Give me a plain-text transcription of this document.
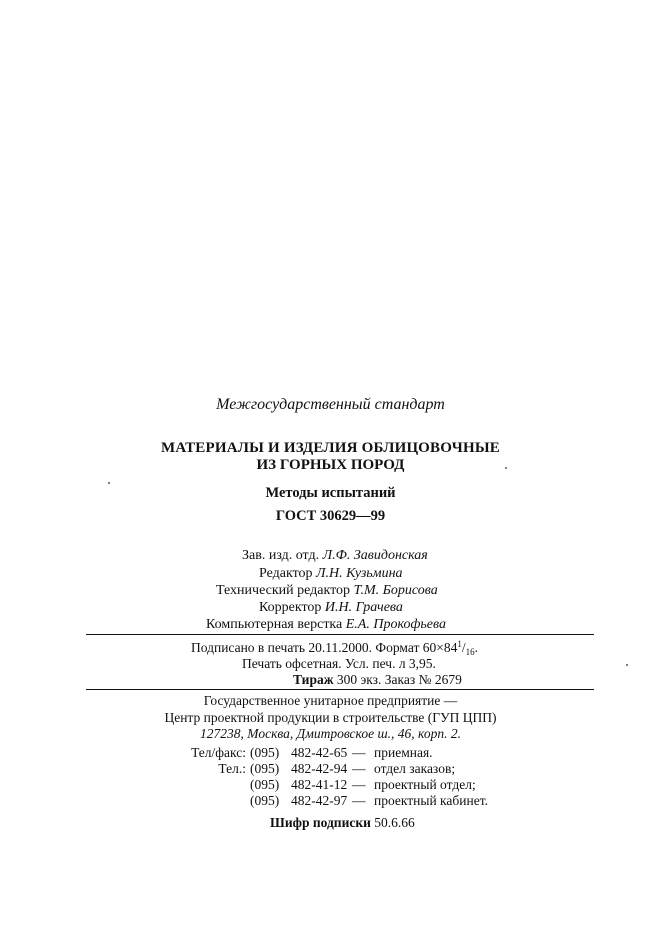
Межгосударственный стандарт
МАТЕРИАЛЫ И ИЗДЕЛИЯ ОБЛИЦОВОЧНЫЕ
ИЗ ГОРНЫХ ПОРОД
Методы испытаний
ГОСТ 30629—99
Зав. изд. отд. Л.Ф. Завидонская
Редактор Л.Н. Кузьмина
Технический редактор Т.М. Борисова
Корректор И.Н. Грачева
Компьютерная верстка Е.А. Прокофьева
Подписано в печать 20.11.2000. Формат $60\times 84^1/_{16}$.
Печать офсетная. Усл. печ. л 3,95.
Тираж 300 экз. Заказ № 2679
Государственное унитарное предприятие —
Центр проектной продукции в строительстве (ГУП ЦПП)
127238, Москва, Дмитровское ш., 46, корп. 2.
Тел/факс: (095) 482-42-65 — приемная.
Тел.: (095) 482-42-94 — отдел заказов;
(095) 482-41-12 — проектный отдел;
(095) 482-42-97 — проектный кабинет.
Шифр подписки 50.6.66
